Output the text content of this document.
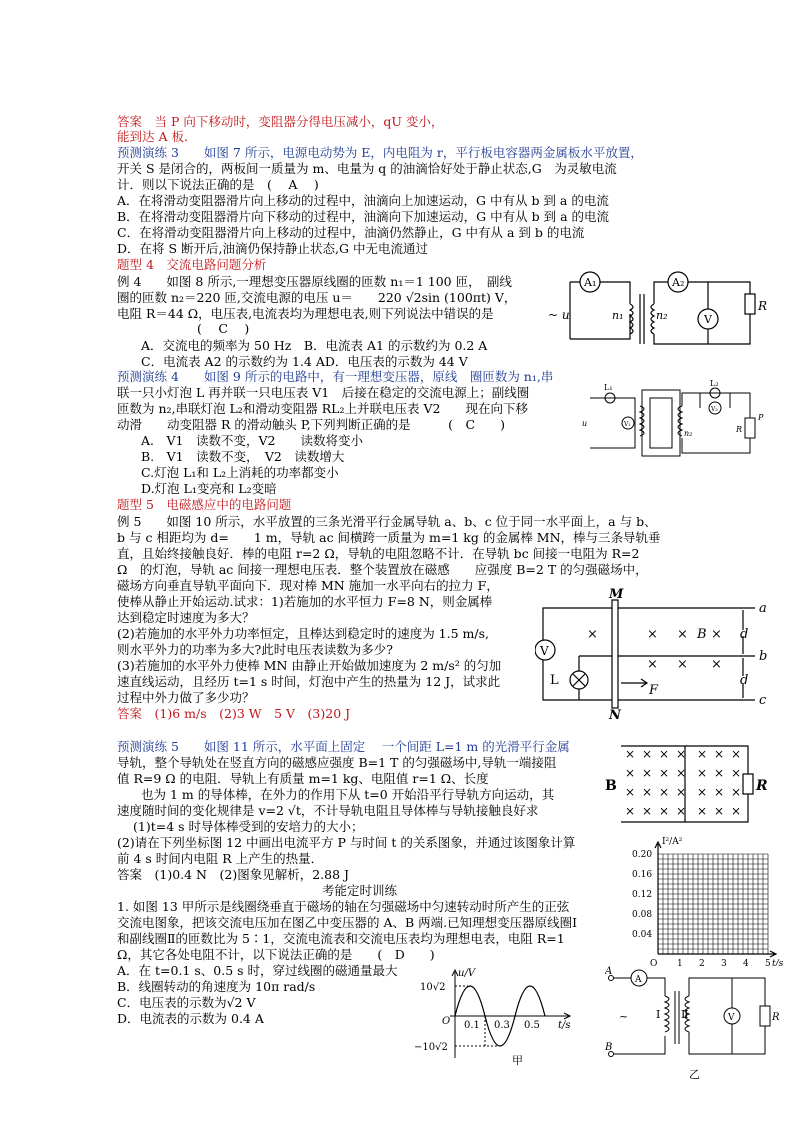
答案　当 P 向下移动时，变阻器分得电压减小，qU 变小，
能到达 A 板．
预测演练 3　　如图 7 所示，电源电动势为 E，内电阻为 r，平行板电容器两金属板水平放置，
开关 S 是闭合的，两板间一质量为 m、电量为 q 的油滴恰好处于静止状态,G　为灵敏电流
计．则以下说法正确的是　(　 A 　)
A．在将滑动变阻器滑片向上移动的过程中，油滴向上加速运动，G 中有从 b 到 a 的电流
B．在将滑动变阻器滑片向下移动的过程中，油滴向下加速运动，G 中有从 b 到 a 的电流
C．在将滑动变阻器滑片向上移动的过程中，油滴仍然静止，G 中有从 a 到 b 的电流
D．在将 S 断开后,油滴仍保持静止状态,G 中无电流通过
题型 4　交流电路问题分析
例 4　　如图 8 所示,一理想变压器原线圈的匝数 n₁＝1 100 匝，　副线
圈的匝数 n₂＝220 匝,交流电源的电压 u＝　　220 √2sin (100πt) V，
电阻 R＝44 Ω，电压表,电流表均为理想电表,则下列说法中错误的是
(　 C 　)
A．交流电的频率为 50 Hz　B．电流表 A1 的示数约为 0.2 A
C．电流表 A2 的示数约为 1.4 AD．电压表的示数为 44 V
预测演练 4　　如图 9 所示的电路中，有一理想变压器，原线　圈匝数为 n₁,串
联一只小灯泡 L 再并联一只电压表 V1　后接在稳定的交流电源上；副线圈
匝数为 n₂,串联灯泡 L₂和滑动变阻器 RL₂上并联电压表 V2　　现在向下移
动滑　　动变阻器 R 的滑动触头 P,下列判断正确的是　　　(　C　　)
A.　V1　读数不变，V2　　读数将变小
B.　V1　读数不变，　V2　读数增大
C.灯泡 L₁和 L₂上消耗的功率都变小
D.灯泡 L₁变亮和 L₂变暗
题型 5　电磁感应中的电路问题
例 5　　如图 10 所示，水平放置的三条光滑平行金属导轨 a、b、c 位于同一水平面上，a 与 b、
b 与 c 相距均为 d=　　1 m，导轨 ac 间横跨一质量为 m=1 kg 的金属棒 MN，棒与三条导轨垂
直，且始终接触良好．棒的电阻 r=2 Ω，导轨的电阻忽略不计．在导轨 bc 间接一电阻为 R=2
Ω　的灯泡，导轨 ac 间接一理想电压表．整个装置放在磁感　　应强度 B=2 T 的匀强磁场中，
磁场方向垂直导轨平面向下．现对棒 MN 施加一水平向右的拉力 F，
使棒从静止开始运动.试求：1)若施加的水平恒力 F=8 N，则金属棒
达到稳定时速度为多大？
(2)若施加的水平外力功率恒定，且棒达到稳定时的速度为 1.5 m/s,
则水平外力的功率为多大?此时电压表读数为多少?
(3)若施加的水平外力使棒 MN 由静止开始做加速度为 2 m/s² 的匀加
速直线运动，且经历 t=1 s 时间，灯泡中产生的热量为 12 J，试求此
过程中外力做了多少功？
答案　(1)6 m/s　(2)3 W　5 V　(3)20 J
预测演练 5　　如图 11 所示，水平面上固定　 一个间距 L=1 m 的光滑平行金属
导轨，整个导轨处在竖直方向的磁感应强度 B=1 T 的匀强磁场中,导轨一端接阻
值 R=9 Ω 的电阻．导轨上有质量 m=1 kg、电阻值 r=1 Ω、长度
也为 1 m 的导体棒，在外力的作用下从 t=0 开始沿平行导轨方向运动，其
速度随时间的变化规律是 v=2 √t，不计导轨电阻且导体棒与导轨接触良好求
(1)t=4 s 时导体棒受到的安培力的大小；
(2)请在下列坐标图 12 中画出电流平方 P 与时间 t 的关系图象，并通过该图象计算
前 4 s 时间内电阻 R 上产生的热量．
答案　(1)0.4 N　(2)图象见解析，2.88 J
考能定时训练
1. 如图 13 甲所示是线圈绕垂直于磁场的轴在匀强磁场中匀速转动时所产生的正弦
交流电图象，把该交流电压加在图乙中变压器的 A、B 两端.已知理想变压器原线圈Ⅰ
和副线圈Ⅱ的匝数比为 5∶1，交流电流表和交流电压表均为理想电表，电阻 R=1
Ω，其它各处电阻不计，以下说法正确的是　　(　D　　)
A．在 t=0.1 s、0.5 s 时，穿过线圈的磁通量最大
B．线圈转动的角速度为 10π rad/s
C．电压表的示数为√2 V
D．电流表的示数为 0.4 A
A₁	A₂
V
R
~ u	n₁	n₂
L₁	L₂
u
n₂
V₁
V₂
R
P
V
L
M
N
a
b
c
d
d
B
F
×	× × ×
× × ×
B	R
× × × × × × ×
× × × × × × ×
× × × × × × ×
× × × × × × ×
I²/A²
t/s
0.20
0.16
0.12
0.08
0.04
O 1 2 3 4 5
u/V
t/s
10√2
−10√2
O 0.1 0.3 0.5
甲
A
B
A
Ⅰ Ⅱ	V	R
~
乙
